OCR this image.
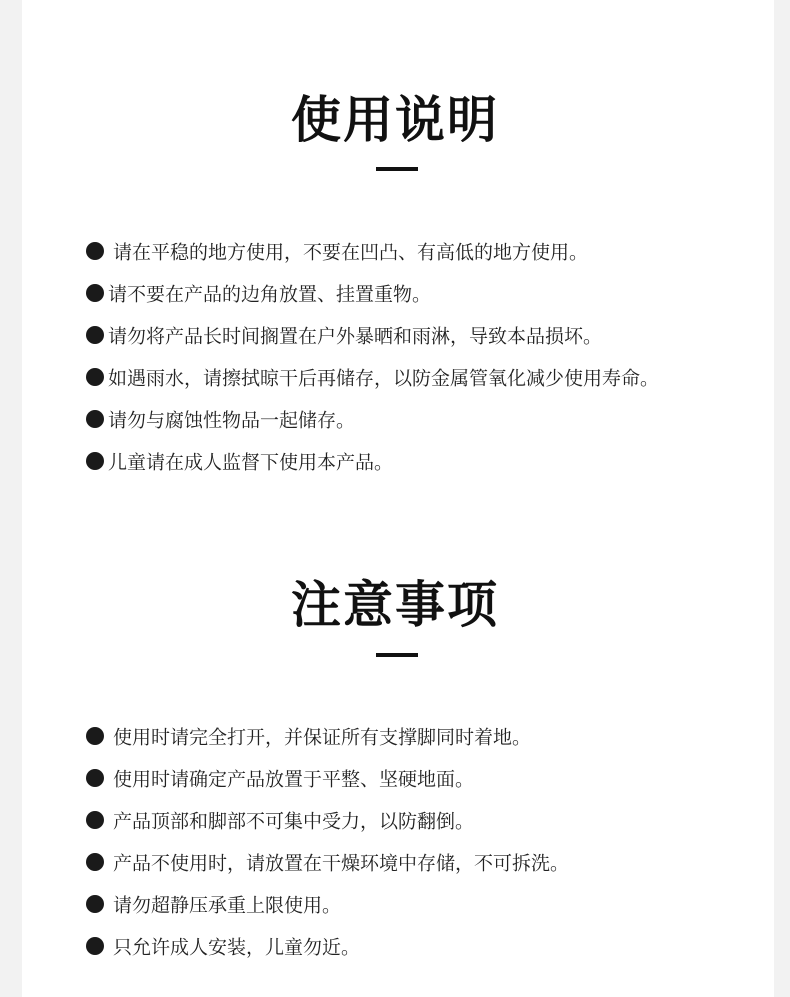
使用说明
请在平稳的地方使用，不要在凹凸、有高低的地方使用。
请不要在产品的边角放置、挂置重物。
请勿将产品长时间搁置在户外暴晒和雨淋，导致本品损坏。
如遇雨水，请擦拭晾干后再储存，以防金属管氧化减少使用寿命。
请勿与腐蚀性物品一起储存。
儿童请在成人监督下使用本产品。
注意事项
使用时请完全打开，并保证所有支撑脚同时着地。
使用时请确定产品放置于平整、坚硬地面。
产品顶部和脚部不可集中受力，以防翻倒。
产品不使用时，请放置在干燥环境中存储，不可拆洗。
请勿超静压承重上限使用。
只允许成人安装，儿童勿近。
